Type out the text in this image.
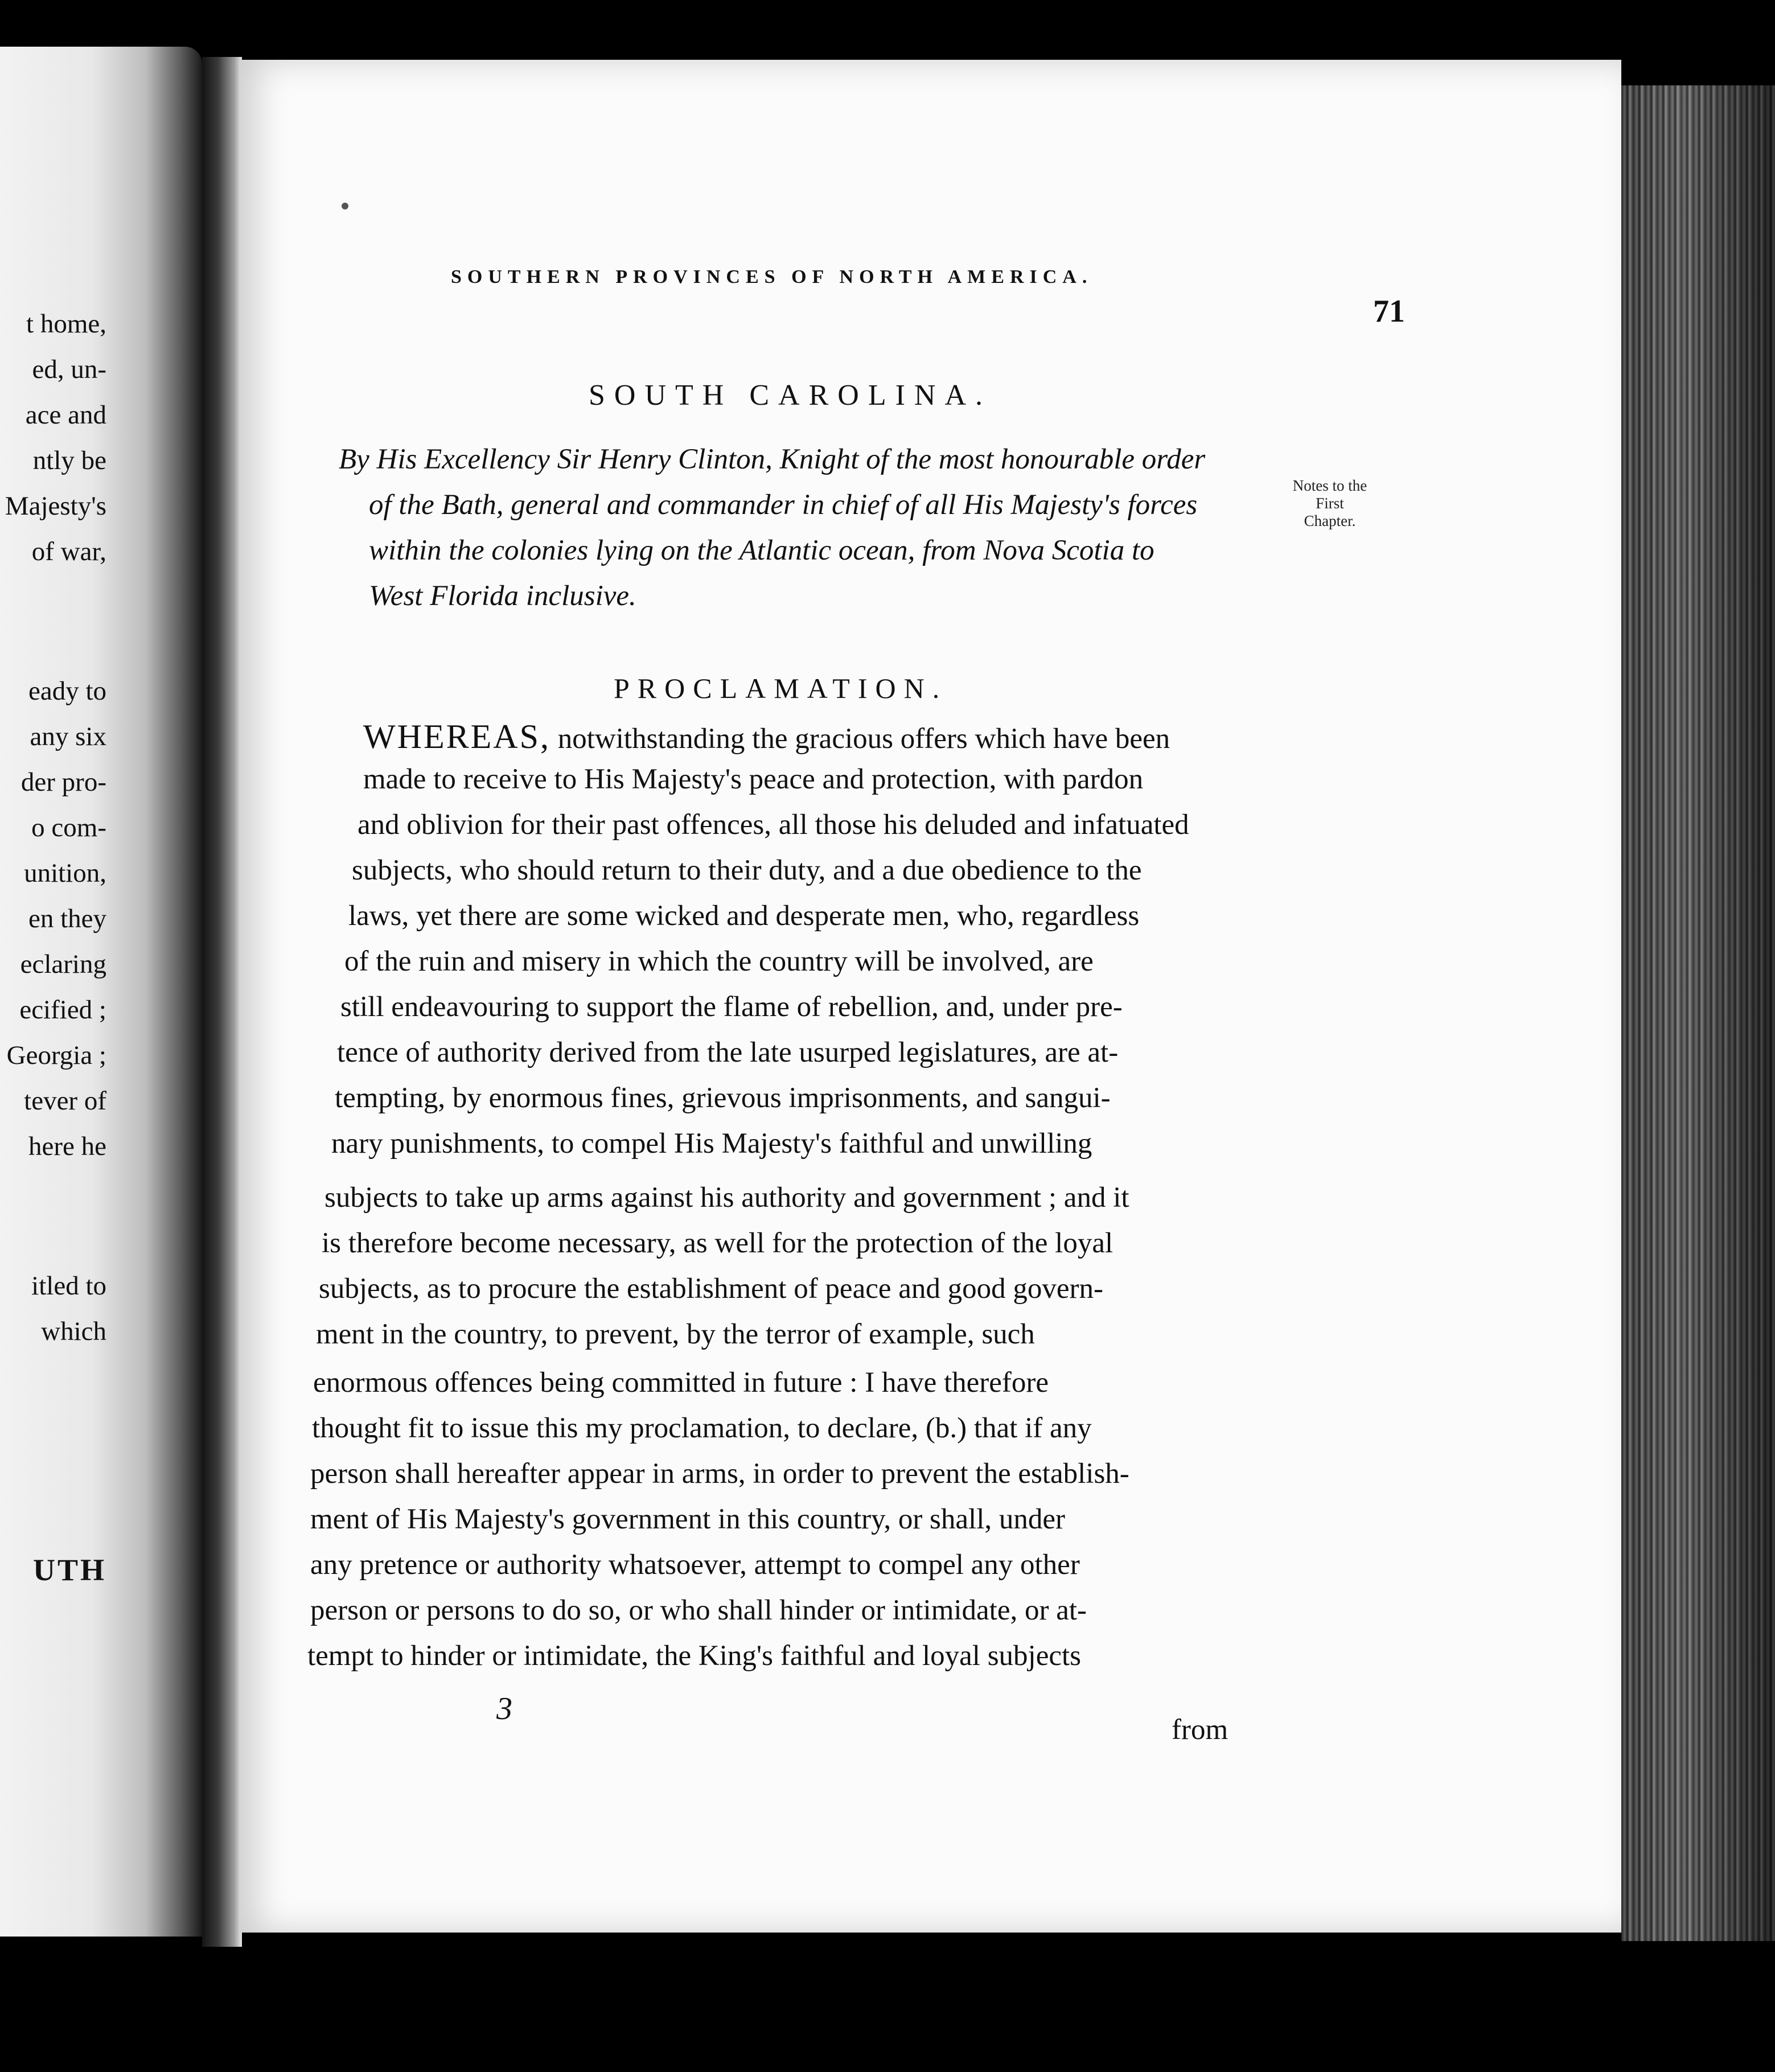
t home,
ed, un-
ace and
ntly be
Majesty's
of war,
eady to
any six
der pro-
o com-
unition,
en they
eclaring
ecified ;
Georgia ;
tever of
here he
itled to
which
UTH
SOUTHERN PROVINCES OF NORTH AMERICA.
71
SOUTH CAROLINA.
By His Excellency Sir Henry Clinton, Knight of the most honourable order
of the Bath, general and commander in chief of all His Majesty's forces
within the colonies lying on the Atlantic ocean, from Nova Scotia to
West Florida inclusive.
Notes to the
First
Chapter.
PROCLAMATION.
WHEREAS, notwithstanding the gracious offers which have been
made to receive to His Majesty's peace and protection, with pardon
and oblivion for their past offences, all those his deluded and infatuated
subjects, who should return to their duty, and a due obedience to the
laws, yet there are some wicked and desperate men, who, regardless
of the ruin and misery in which the country will be involved, are
still endeavouring to support the flame of rebellion, and, under pre-
tence of authority derived from the late usurped legislatures, are at-
tempting, by enormous fines, grievous imprisonments, and sangui-
nary punishments, to compel His Majesty's faithful and unwilling
subjects to take up arms against his authority and government ; and it
is therefore become necessary, as well for the protection of the loyal
subjects, as to procure the establishment of peace and good govern-
ment in the country, to prevent, by the terror of example, such
enormous offences being committed in future : I have therefore
thought fit to issue this my proclamation, to declare, (b.) that if any
person shall hereafter appear in arms, in order to prevent the establish-
ment of His Majesty's government in this country, or shall, under
any pretence or authority whatsoever, attempt to compel any other
person or persons to do so, or who shall hinder or intimidate, or at-
tempt to hinder or intimidate, the King's faithful and loyal subjects
3
from
